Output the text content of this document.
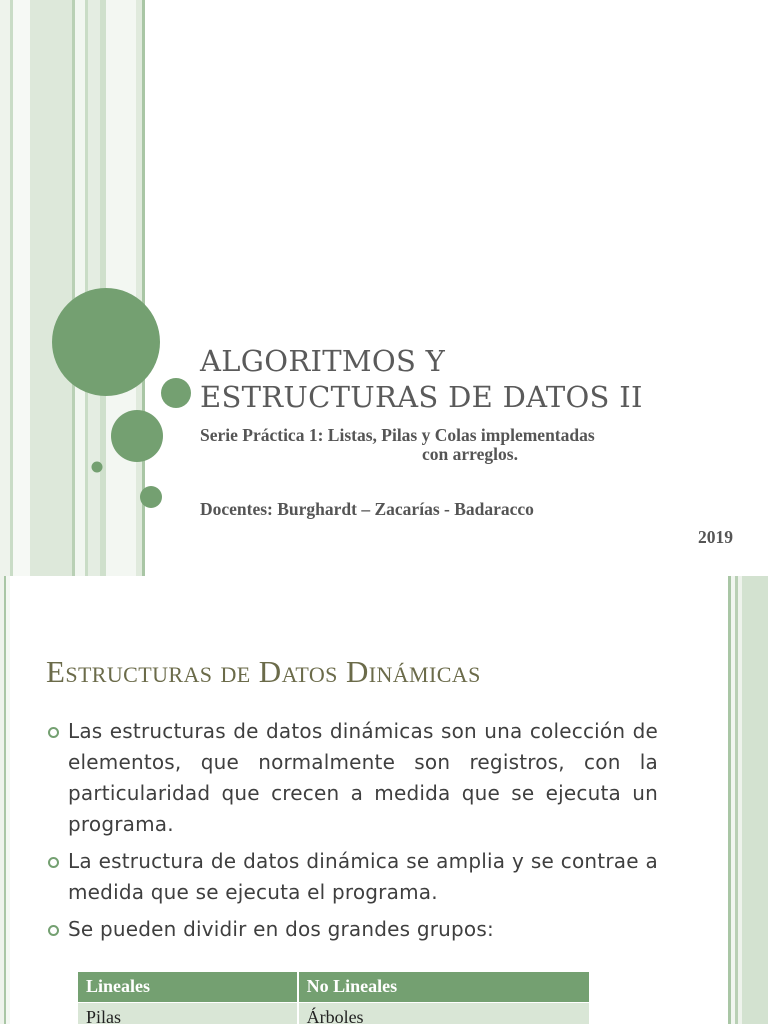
ALGORITMOS Y
ESTRUCTURAS DE DATOS II
Serie Práctica 1: Listas, Pilas y Colas implementadas
con arreglos.
Docentes: Burghardt – Zacarías - Badaracco
2019
Estructuras de Datos Dinámicas
Las estructuras de datos dinámicas son una colección de elementos, que normalmente son registros, con la particularidad que crecen a medida que se ejecuta un programa.
La estructura de datos dinámica se amplia y se contrae a medida que se ejecuta el programa.
Se pueden dividir en dos grandes grupos:
Lineales	No Lineales
Pilas	Árboles
